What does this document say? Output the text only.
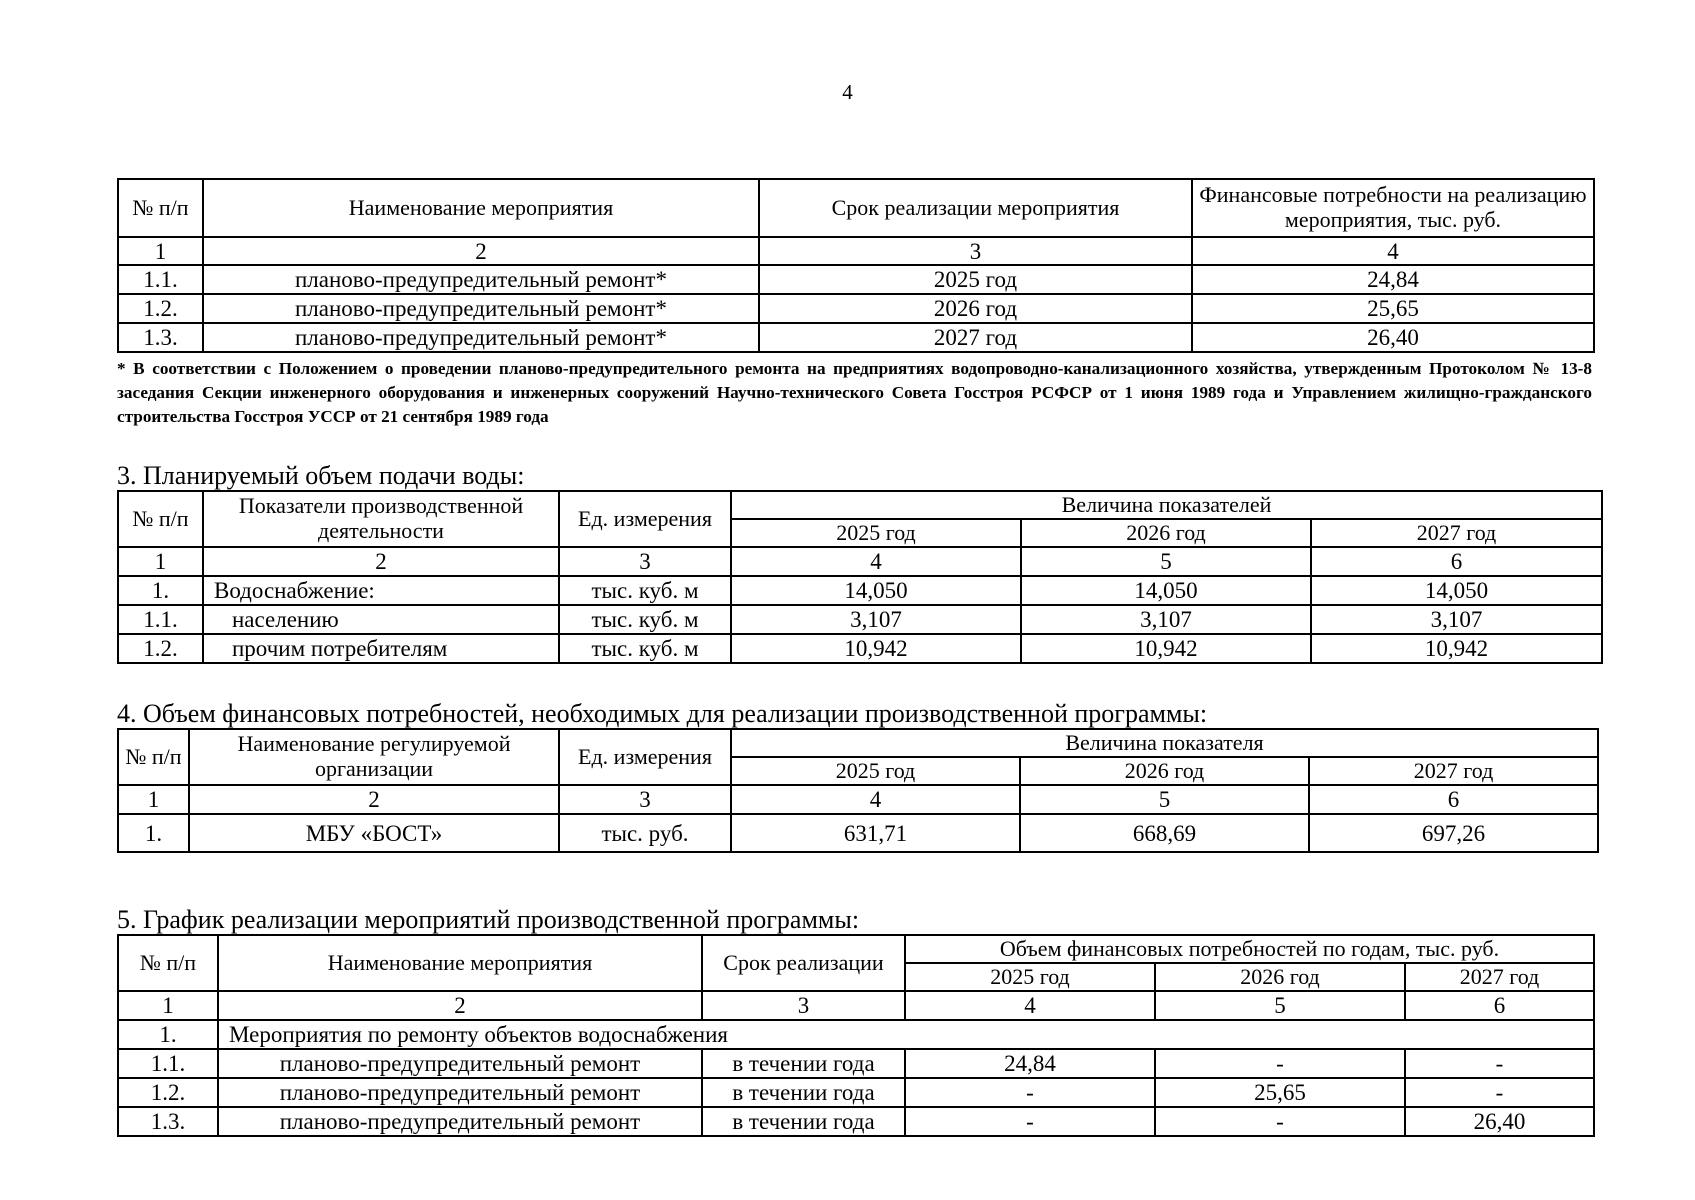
4
№ п/п	Наименование мероприятия	Срок реализации мероприятия	Финансовые потребности на реализацию мероприятия, тыс. руб.
1	2	3	4
1.1.	планово-предупредительный ремонт*	2025 год	24,84
1.2.	планово-предупредительный ремонт*	2026 год	25,65
1.3.	планово-предупредительный ремонт*	2027 год	26,40
* В соответствии с Положением о проведении планово-предупредительного ремонта на предприятиях водопроводно-канализационного хозяйства, утвержденным Протоколом № 13-8 заседания Секции инженерного оборудования и инженерных сооружений Научно-технического Совета Госстроя РСФСР от 1 июня 1989 года и Управлением жилищно-гражданского строительства Госстроя УССР от 21 сентября 1989 года
3. Планируемый объем подачи воды:
№ п/п	Показатели производственной деятельности	Ед. измерения	Величина показателей		
			2025 год	2026 год	2027 год
1	2	3	4	5	6
1.	Водоснабжение:	тыс. куб. м	14,050	14,050	14,050
1.1.	населению	тыс. куб. м	3,107	3,107	3,107
1.2.	прочим потребителям	тыс. куб. м	10,942	10,942	10,942
4. Объем финансовых потребностей, необходимых для реализации производственной программы:
№ п/п	Наименование регулируемой организации	Ед. измерения	Величина показателя		
			2025 год	2026 год	2027 год
1	2	3	4	5	6
1.	МБУ «БОСТ»	тыс. руб.	631,71	668,69	697,26
5. График реализации мероприятий производственной программы:
№ п/п	Наименование мероприятия	Срок реализации	Объем финансовых потребностей по годам, тыс. руб.		
			2025 год	2026 год	2027 год
1	2	3	4	5	6
1.	Мероприятия по ремонту объектов водоснабжения				
1.1.	планово-предупредительный ремонт	в течении года	24,84	-	-
1.2.	планово-предупредительный ремонт	в течении года	-	25,65	-
1.3.	планово-предупредительный ремонт	в течении года	-	-	26,40
